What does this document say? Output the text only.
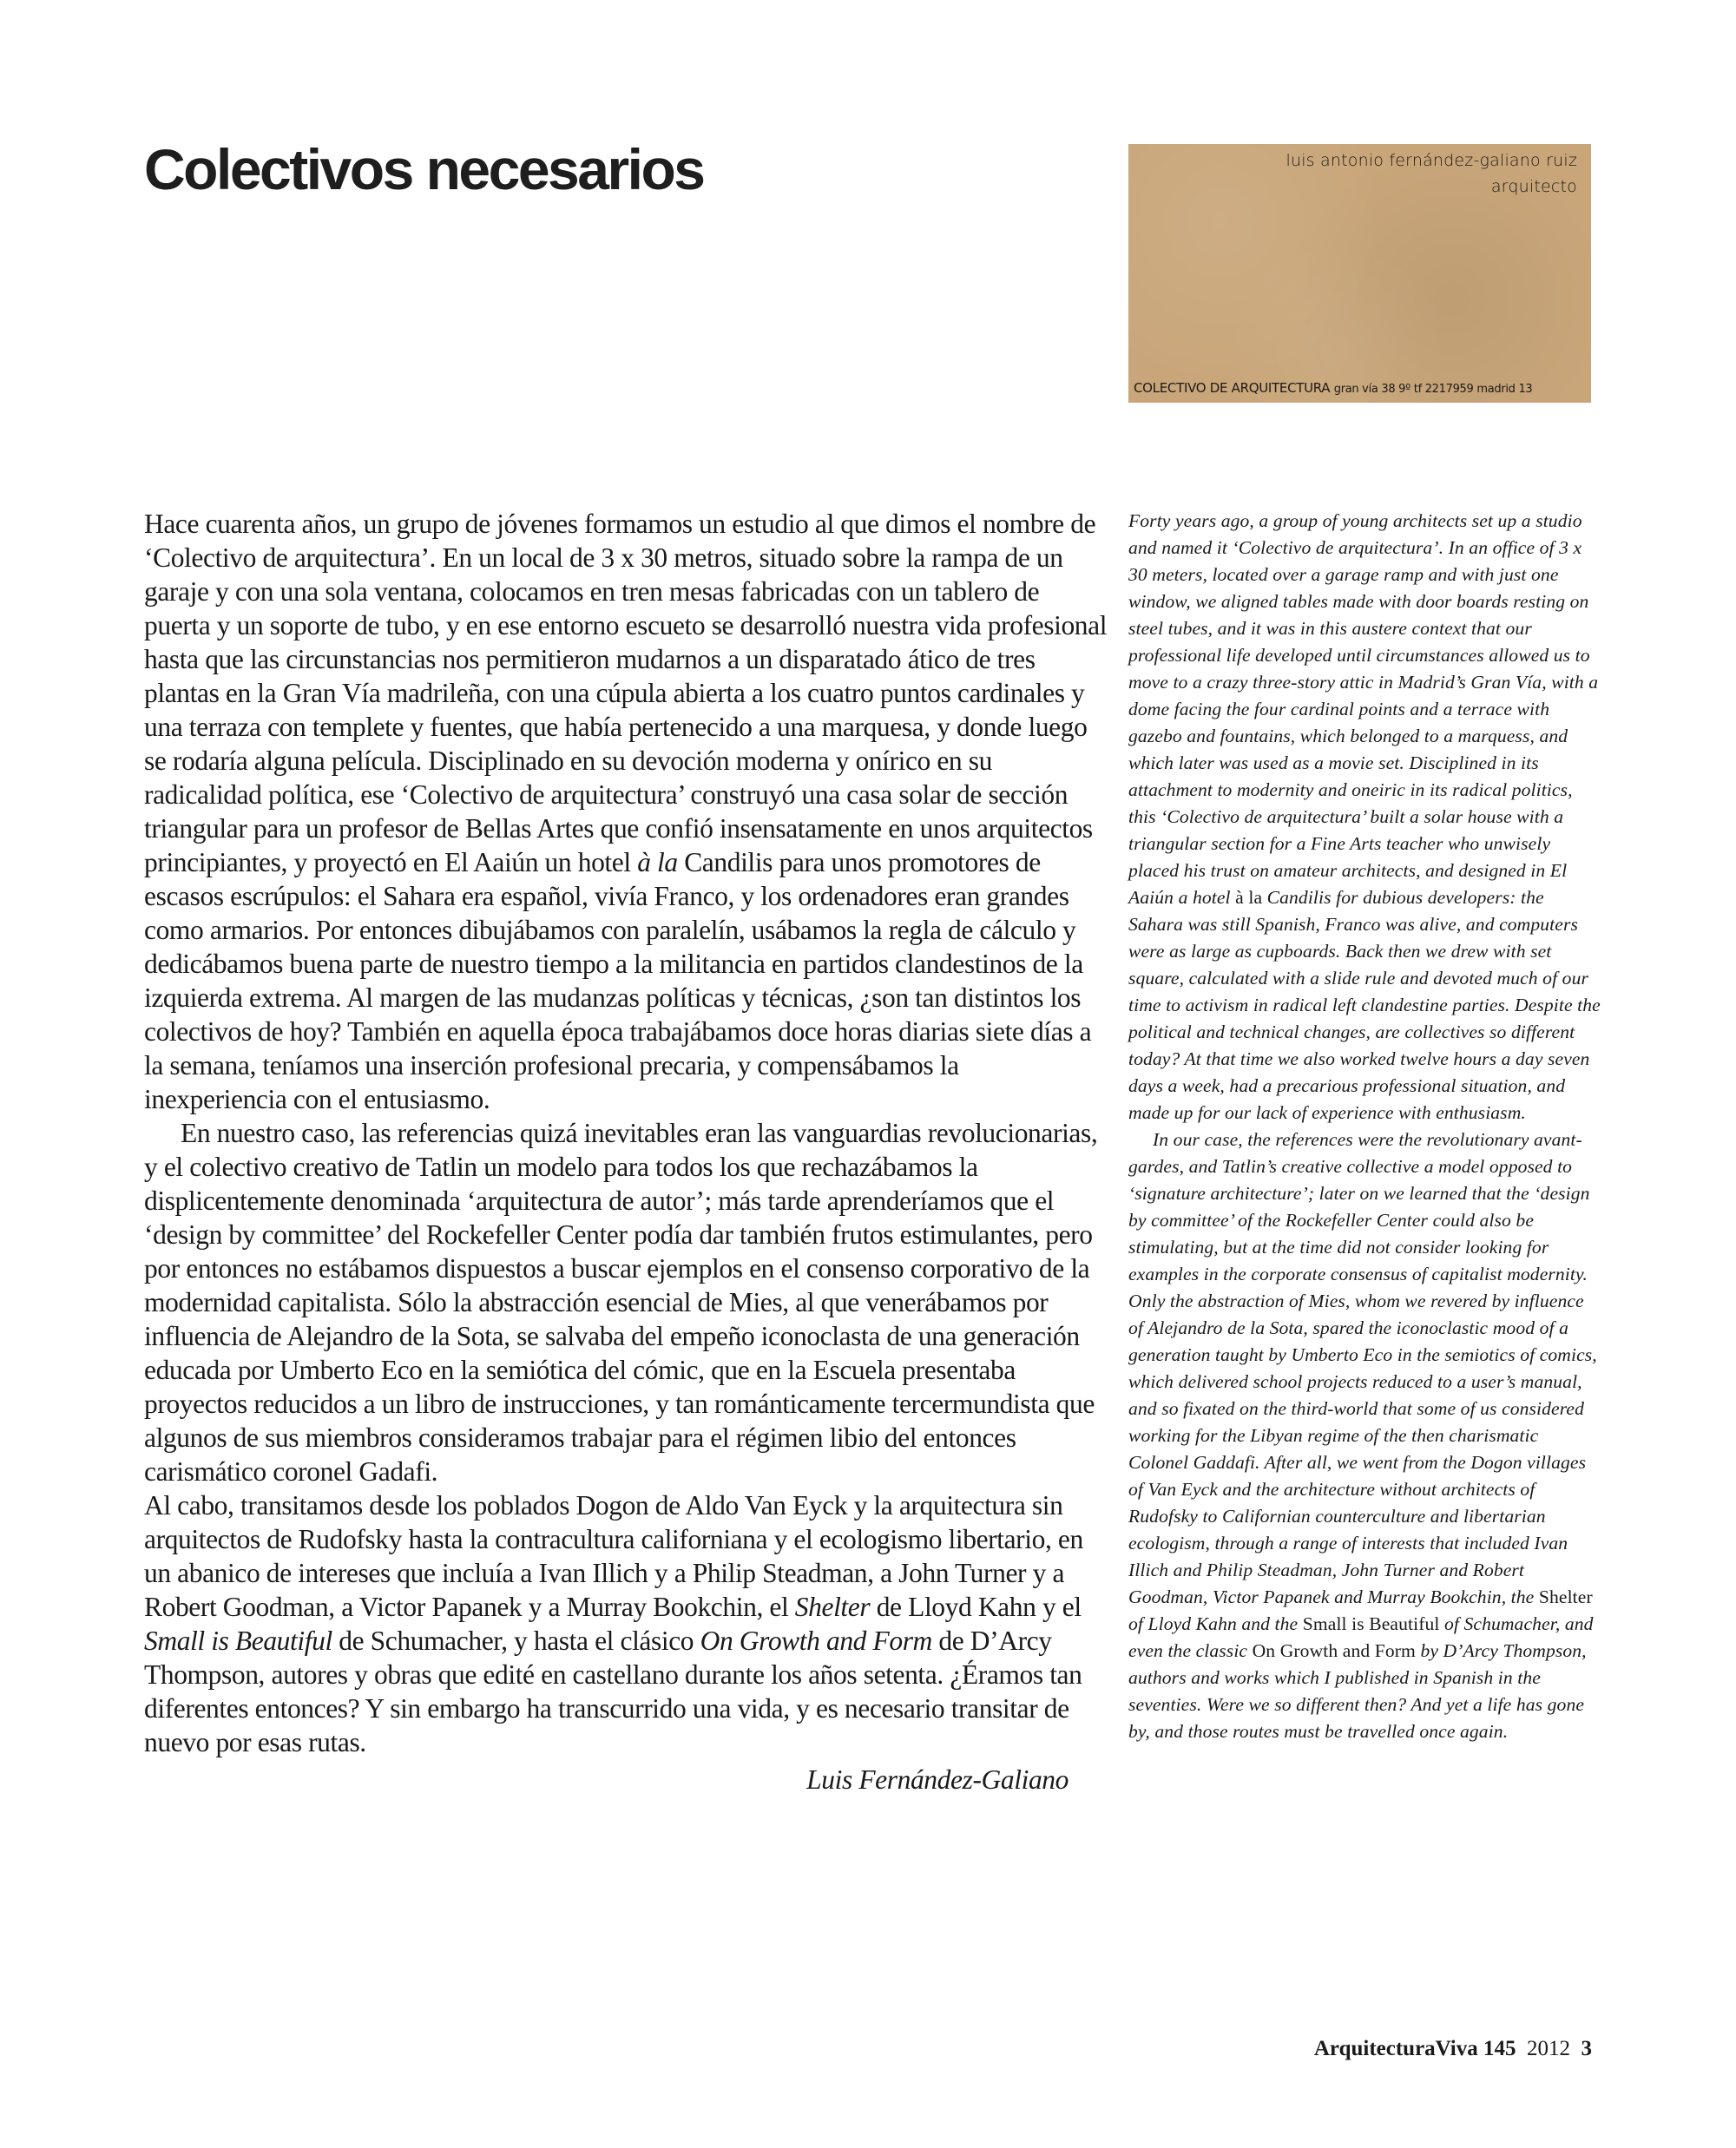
Colectivos necesarios	luis antonio fernández-galiano ruiz
arquitecto
COLECTIVO DE ARQUITECTURA gran vía 38 9º tf 2217959 madrid 13

Hace cuarenta años, un grupo de jóvenes formamos un estudio al que dimos el nombre de ‘Colectivo de arquitectura’. En un local de 3 x 30 metros, situado sobre la rampa de un garaje y con una sola ventana, colocamos en tren mesas fabricadas con un tablero de puerta y un soporte de tubo, y en ese entorno escueto se desarrolló nuestra vida profesional hasta que las circunstancias nos permitieron mudarnos a un disparatado ático de tres plantas en la Gran Vía madrileña, con una cúpula abierta a los cuatro puntos cardinales y una terraza con templete y fuentes, que había pertenecido a una marquesa, y donde luego se rodaría alguna película. Disciplinado en su devoción moderna y onírico en su radicalidad política, ese ‘Colectivo de arquitectura’ construyó una casa solar de sección triangular para un profesor de Bellas Artes que confió insensatamente en unos arquitectos principiantes, y proyectó en El Aaiún un hotel à la Candilis para unos promotores de escasos escrúpulos: el Sahara era español, vivía Franco, y los ordenadores eran grandes como armarios. Por entonces dibujábamos con paralelín, usábamos la regla de cálculo y dedicábamos buena parte de nuestro tiempo a la militancia en partidos clandestinos de la izquierda extrema. Al margen de las mudanzas políticas y técnicas, ¿son tan distintos los colectivos de hoy? También en aquella época trabajábamos doce horas diarias siete días a la semana, teníamos una inserción profesional precaria, y compensábamos la inexperiencia con el entusiasmo.

En nuestro caso, las referencias quizá inevitables eran las vanguardias revolucionarias, y el colectivo creativo de Tatlin un modelo para todos los que rechazábamos la displicentemente denominada ‘arquitectura de autor’; más tarde aprenderíamos que el ‘design by committee’ del Rockefeller Center podía dar también frutos estimulantes, pero por entonces no estábamos dispuestos a buscar ejemplos en el consenso corporativo de la modernidad capitalista. Sólo la abstracción esencial de Mies, al que venerábamos por influencia de Alejandro de la Sota, se salvaba del empeño iconoclasta de una generación educada por Umberto Eco en la semiótica del cómic, que en la Escuela presentaba proyectos reducidos a un libro de instrucciones, y tan románticamente tercermundista que algunos de sus miembros consideramos trabajar para el régimen libio del entonces carismático coronel Gadafi.

Al cabo, transitamos desde los poblados Dogon de Aldo Van Eyck y la arquitectura sin arquitectos de Rudofsky hasta la contracultura californiana y el ecologismo libertario, en un abanico de intereses que incluía a Ivan Illich y a Philip Steadman, a John Turner y a Robert Goodman, a Victor Papanek y a Murray Bookchin, el Shelter de Lloyd Kahn y el Small is Beautiful de Schumacher, y hasta el clásico On Growth and Form de D’Arcy Thompson, autores y obras que edité en castellano durante los años setenta. ¿Éramos tan diferentes entonces? Y sin embargo ha transcurrido una vida, y es necesario transitar de nuevo por esas rutas.

Luis Fernández-Galiano

Forty years ago, a group of young architects set up a studio and named it ‘Colectivo de arquitectura’. In an office of 3 x 30 meters, located over a garage ramp and with just one window, we aligned tables made with door boards resting on steel tubes, and it was in this austere context that our professional life developed until circumstances allowed us to move to a crazy three-story attic in Madrid’s Gran Vía, with a dome facing the four cardinal points and a terrace with gazebo and fountains, which belonged to a marquess, and which later was used as a movie set. Disciplined in its attachment to modernity and oneiric in its radical politics, this ‘Colectivo de arquitectura’ built a solar house with a triangular section for a Fine Arts teacher who unwisely placed his trust on amateur architects, and designed in El Aaiún a hotel à la Candilis for dubious developers: the Sahara was still Spanish, Franco was alive, and computers were as large as cupboards. Back then we drew with set square, calculated with a slide rule and devoted much of our time to activism in radical left clandestine parties. Despite the political and technical changes, are collectives so different today? At that time we also worked twelve hours a day seven days a week, had a precarious professional situation, and made up for our lack of experience with enthusiasm.

In our case, the references were the revolutionary avant-gardes, and Tatlin’s creative collective a model opposed to ‘signature architecture’; later on we learned that the ‘design by committee’ of the Rockefeller Center could also be stimulating, but at the time did not consider looking for examples in the corporate consensus of capitalist modernity. Only the abstraction of Mies, whom we revered by influence of Alejandro de la Sota, spared the iconoclastic mood of a generation taught by Umberto Eco in the semiotics of comics, which delivered school projects reduced to a user’s manual, and so fixated on the third-world that some of us considered working for the Libyan regime of the then charismatic Colonel Gaddafi. After all, we went from the Dogon villages of Van Eyck and the architecture without architects of Rudofsky to Californian counterculture and libertarian ecologism, through a range of interests that included Ivan Illich and Philip Steadman, John Turner and Robert Goodman, Victor Papanek and Murray Bookchin, the Shelter of Lloyd Kahn and the Small is Beautiful of Schumacher, and even the classic On Growth and Form by D’Arcy Thompson, authors and works which I published in Spanish in the seventies. Were we so different then? And yet a life has gone by, and those routes must be travelled once again.

ArquitecturaViva 145 2012 3
